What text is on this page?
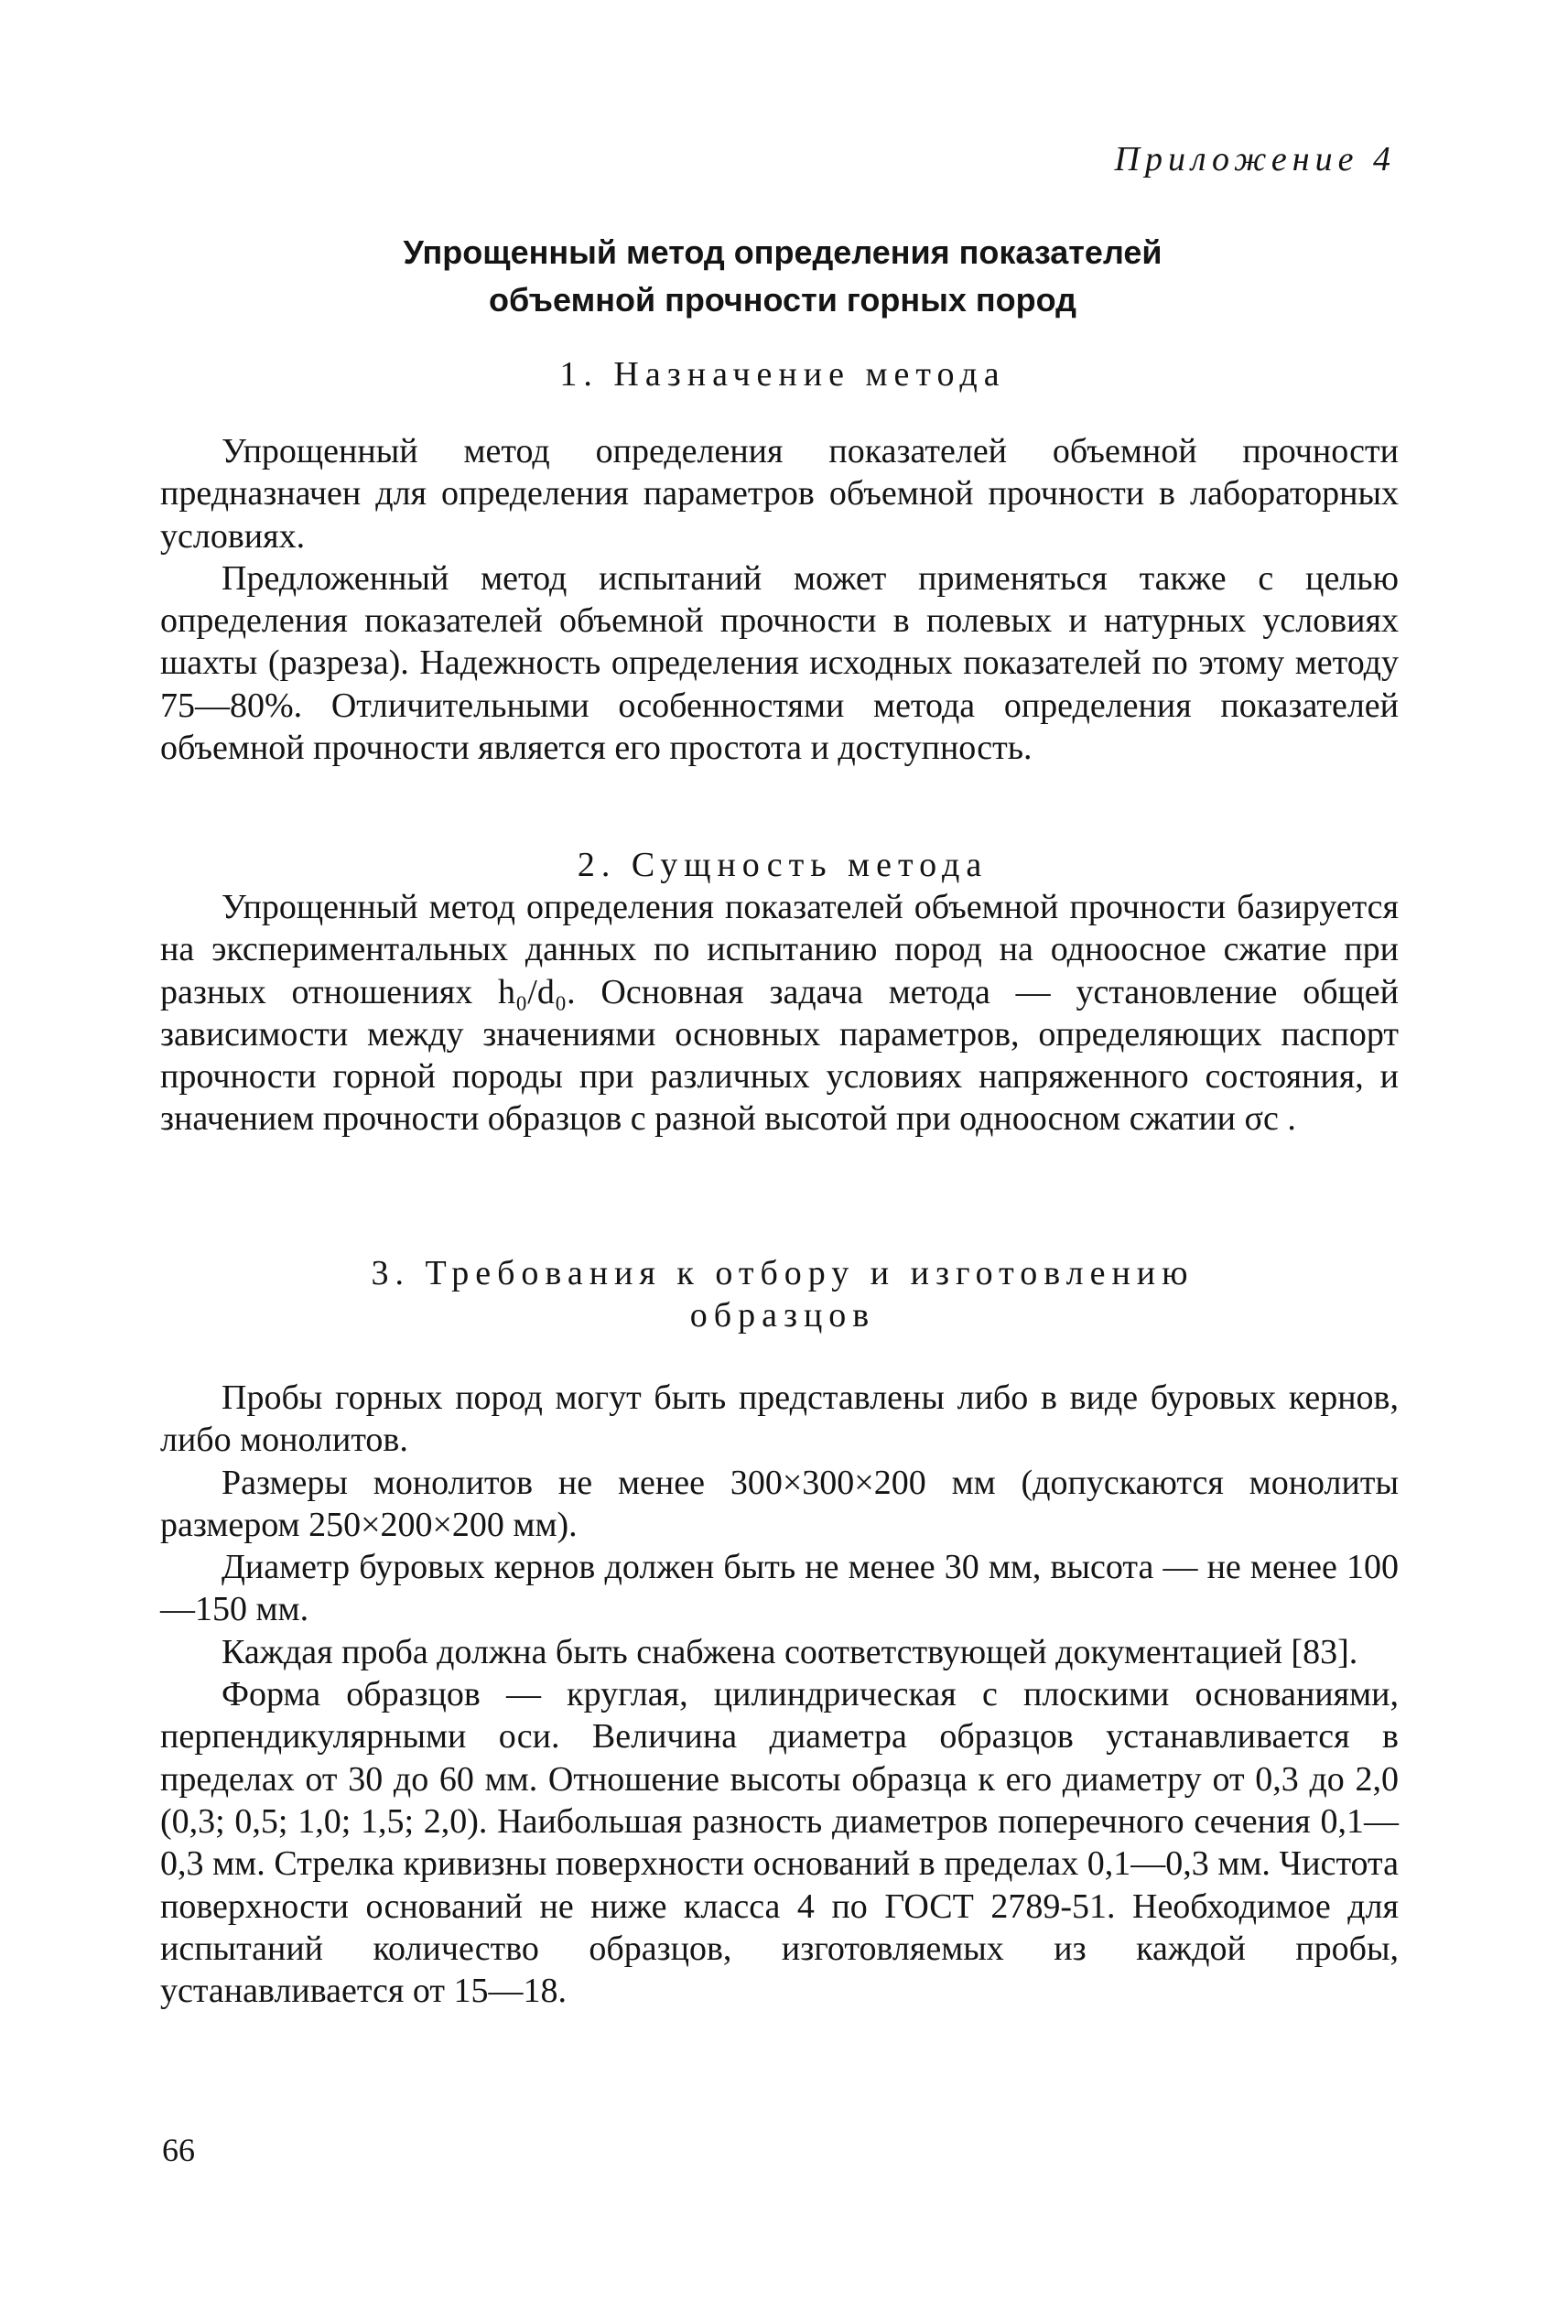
Приложение 4
Упрощенный метод определения показателей
объемной прочности горных пород
1. Назначение метода

Упрощенный метод определения показателей объемной прочности предназначен для определения параметров объемной прочности в лабораторных условиях.

Предложенный метод испытаний может применяться также с целью определения показателей объемной прочности в полевых и натурных условиях шахты (разреза). Надежность определения исходных показателей по этому методу 75—80%. Отличительными особенностями метода определения показателей объемной прочности является его простота и доступность.

2. Сущность метода

Упрощенный метод определения показателей объемной прочности базируется на экспериментальных данных по испытанию пород на одноосное сжатие при разных отношениях h₀/d₀. Основная задача метода — установление общей зависимости между значениями основных параметров, определяющих паспорт прочности горной породы при различных условиях напряженного состояния, и значением прочности образцов с разной высотой при одноосном сжатии σс .

3. Требования к отбору и изготовлению
образцов

Пробы горных пород могут быть представлены либо в виде буровых кернов, либо монолитов.

Размеры монолитов не менее 300×300×200 мм (допускаются монолиты размером 250×200×200 мм).

Диаметр буровых кернов должен быть не менее 30 мм, высота — не менее 100—150 мм.

Каждая проба должна быть снабжена соответствующей документацией [83].

Форма образцов — круглая, цилиндрическая с плоскими основаниями, перпендикулярными оси. Величина диаметра образцов устанавливается в пределах от 30 до 60 мм. Отношение высоты образца к его диаметру от 0,3 до 2,0 (0,3; 0,5; 1,0; 1,5; 2,0). Наибольшая разность диаметров поперечного сечения 0,1—0,3 мм. Стрелка кривизны поверхности оснований в пределах 0,1—0,3 мм. Чистота поверхности оснований не ниже класса 4 по ГОСТ 2789-51. Необходимое для испытаний количество образцов, изготовляемых из каждой пробы, устанавливается от 15—18.

66
